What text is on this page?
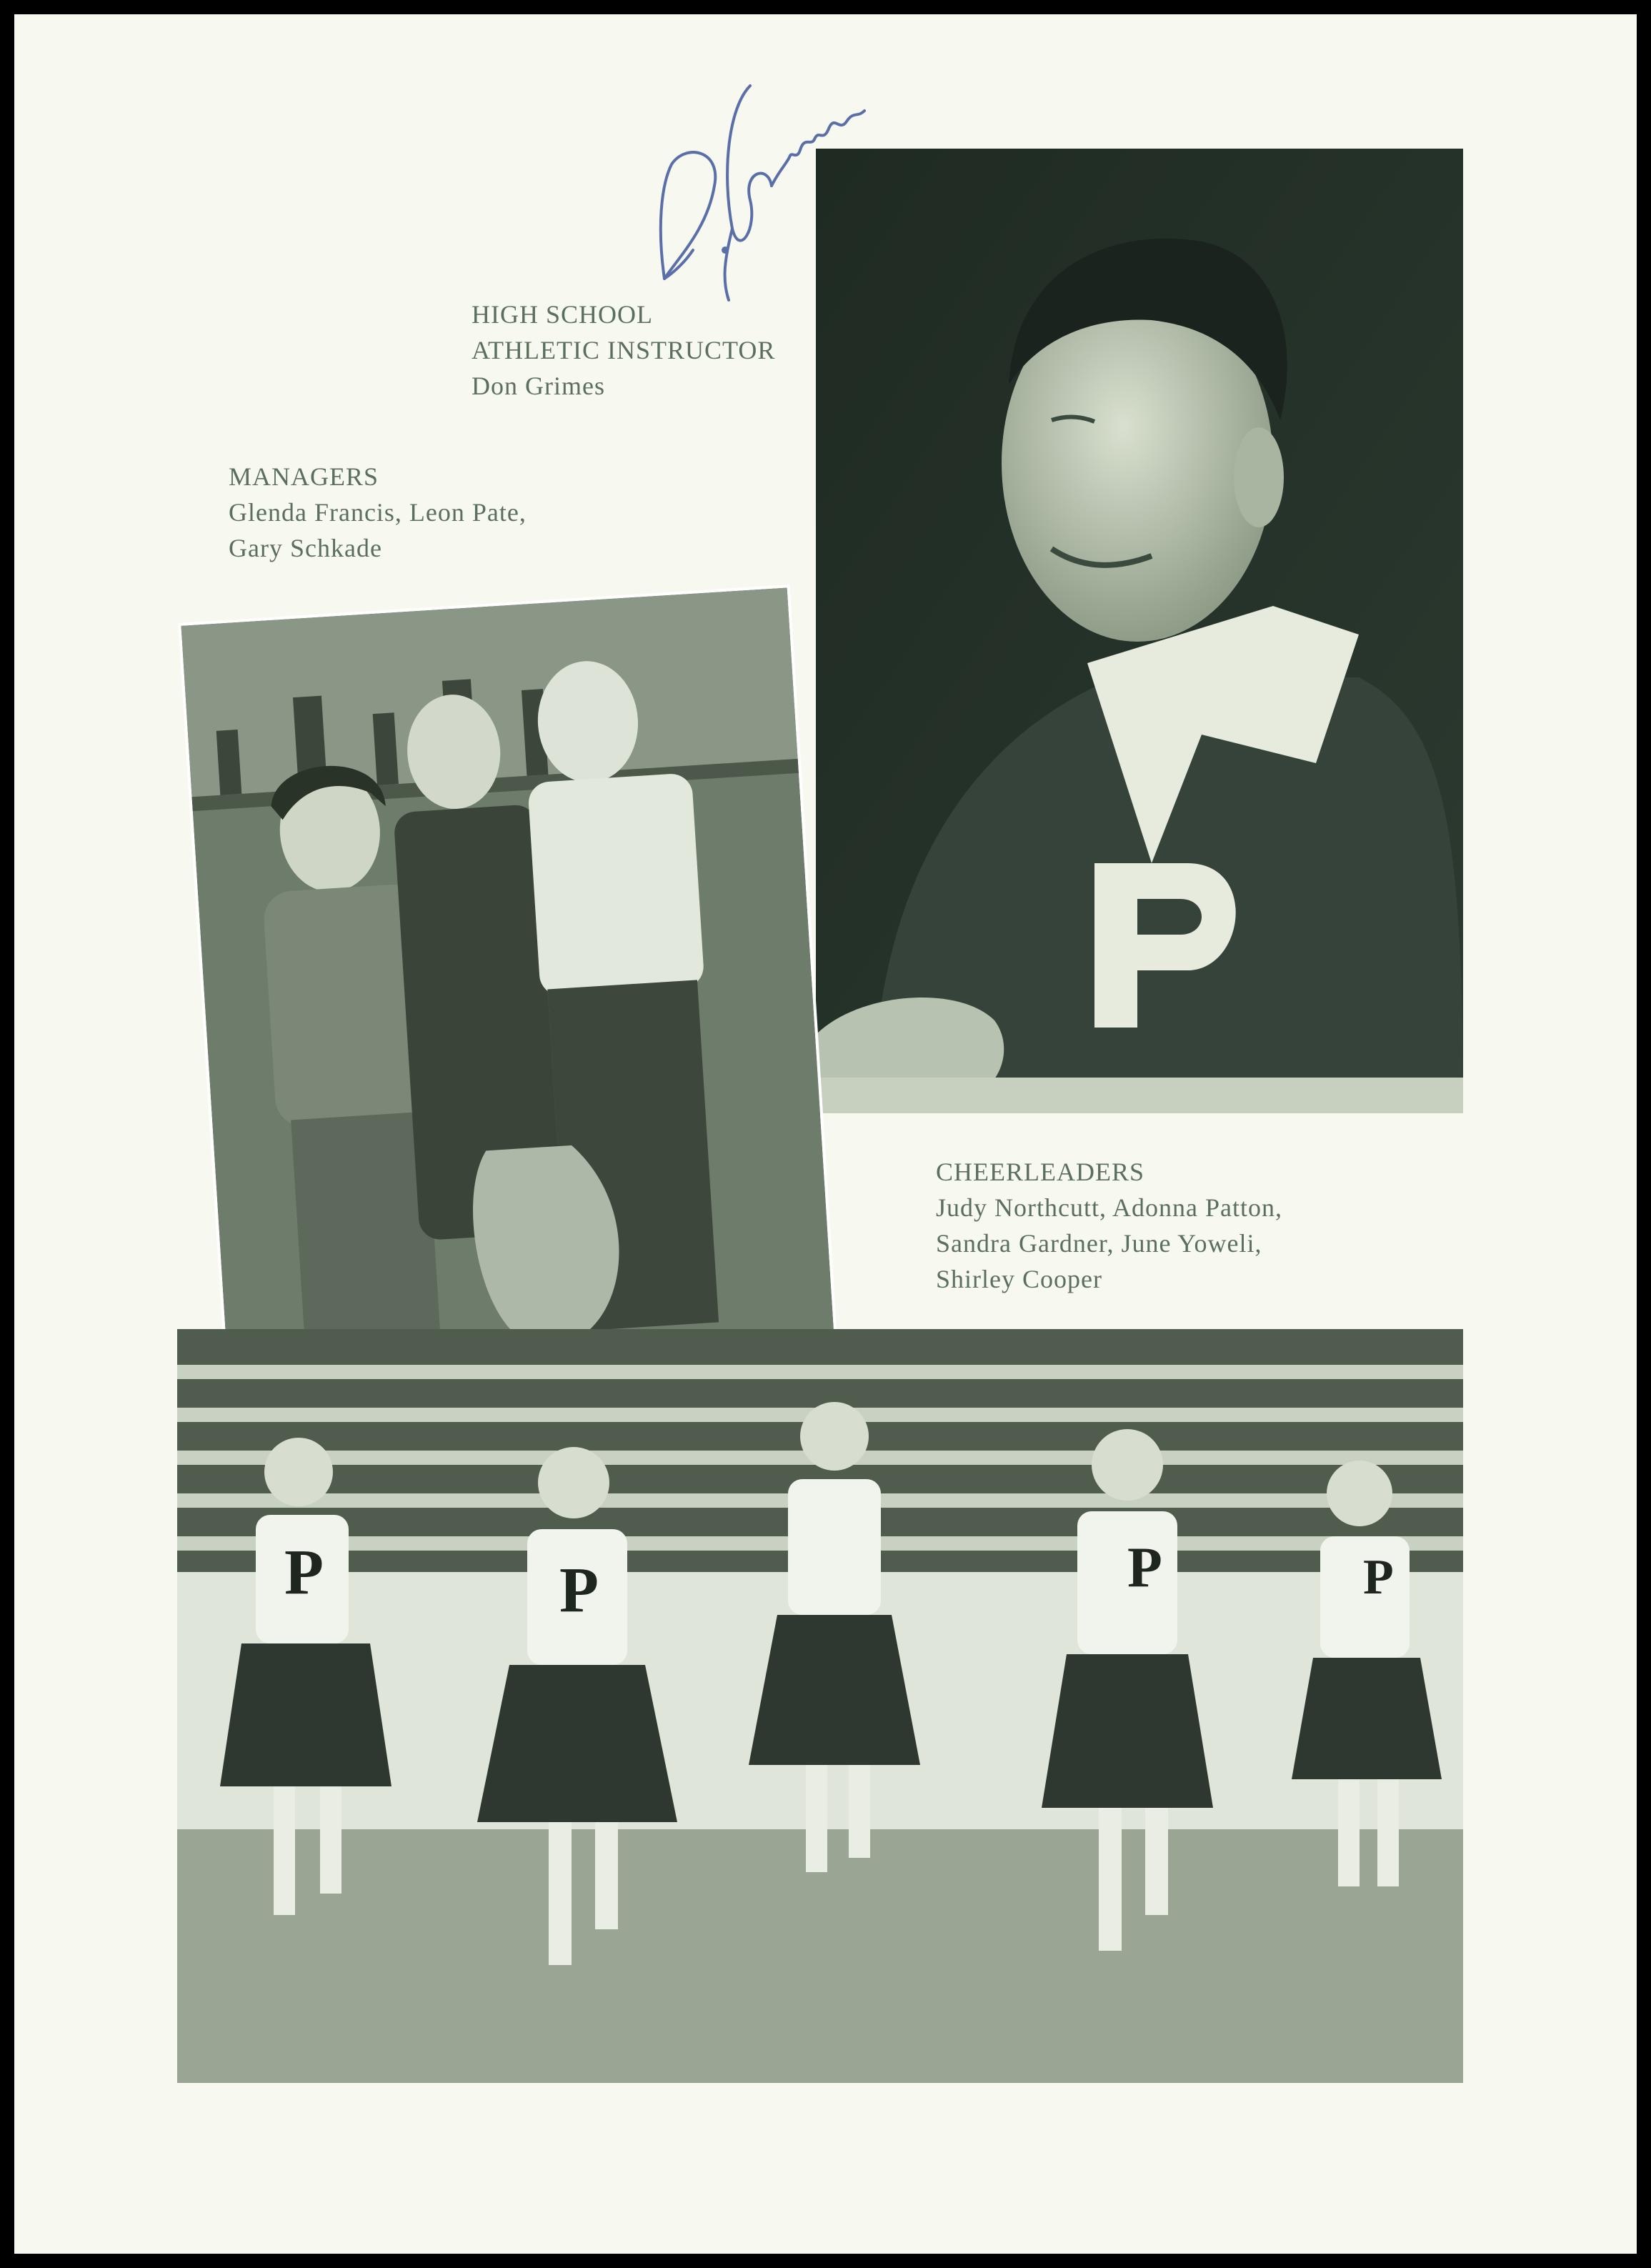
HIGH SCHOOL
ATHLETIC INSTRUCTOR
Don Grimes
MANAGERS
Glenda Francis, Leon Pate,
Gary Schkade
CHEERLEADERS
Judy Northcutt, Adonna Patton,
Sandra Gardner, June Yoweli,
Shirley Cooper
P	P	P	P
